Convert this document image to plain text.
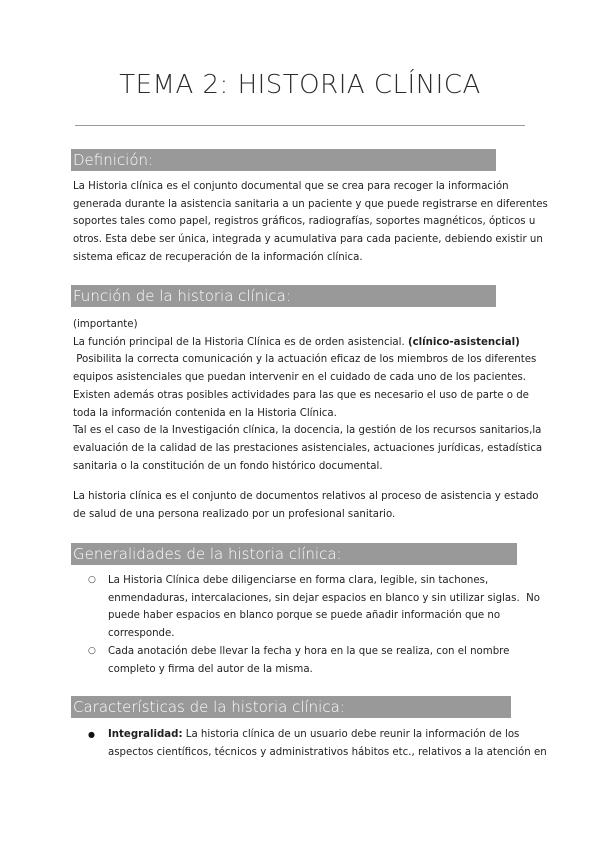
TEMA 2: HISTORIA CLÍNICA
Definición:
La Historia clínica es el conjunto documental que se crea para recoger la información
generada durante la asistencia sanitaria a un paciente y que puede registrarse en diferentes
soportes tales como papel, registros gráficos, radiografías, soportes magnéticos, ópticos u
otros. Esta debe ser única, integrada y acumulativa para cada paciente, debiendo existir un
sistema eficaz de recuperación de la información clínica.
Función de la historia clínica:
(importante)
La función principal de la Historia Clínica es de orden asistencial. (clínico-asistencial)
Posibilita la correcta comunicación y la actuación eficaz de los miembros de los diferentes
equipos asistenciales que puedan intervenir en el cuidado de cada uno de los pacientes.
Existen además otras posibles actividades para las que es necesario el uso de parte o de
toda la información contenida en la Historia Clínica.
Tal es el caso de la Investigación clínica, la docencia, la gestión de los recursos sanitarios,la
evaluación de la calidad de las prestaciones asistenciales, actuaciones jurídicas, estadística
sanitaria o la constitución de un fondo histórico documental.
La historia clínica es el conjunto de documentos relativos al proceso de asistencia y estado
de salud de una persona realizado por un profesional sanitario.
Generalidades de la historia clínica:
○ La Historia Clínica debe diligenciarse en forma clara, legible, sin tachones,
enmendaduras, intercalaciones, sin dejar espacios en blanco y sin utilizar siglas.  No
puede haber espacios en blanco porque se puede añadir información que no
corresponde.
○ Cada anotación debe llevar la fecha y hora en la que se realiza, con el nombre
completo y firma del autor de la misma.
Características de la historia clínica:
● Integralidad: La historia clínica de un usuario debe reunir la información de los
aspectos científicos, técnicos y administrativos hábitos etc., relativos a la atención en
